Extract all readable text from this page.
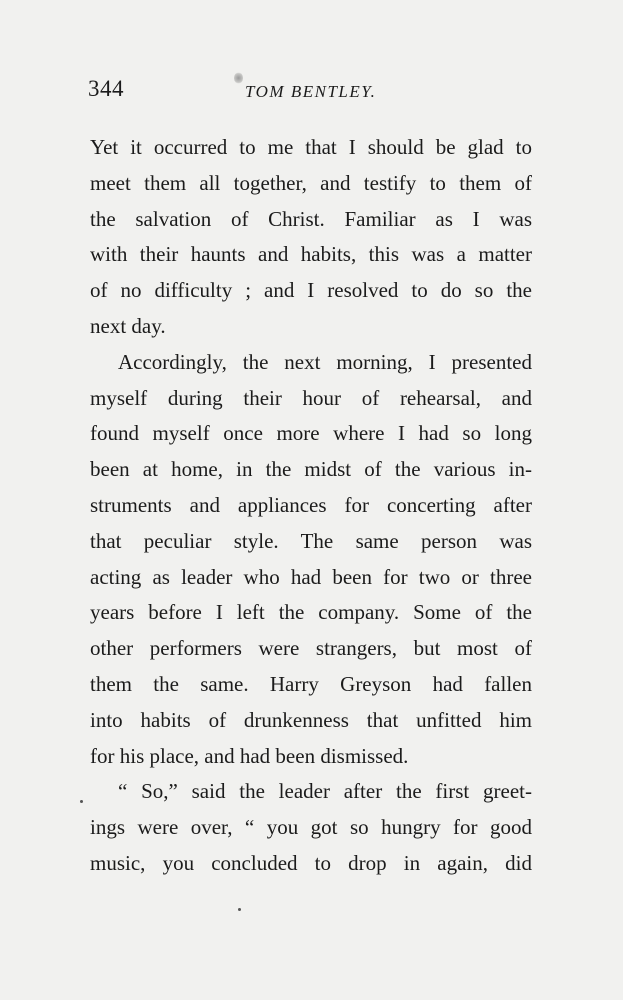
344	TOM BENTLEY.
Yet it occurred to me that I should be glad to
meet them all together, and testify to them of
the salvation of Christ. Familiar as I was
with their haunts and habits, this was a matter
of no difficulty ; and I resolved to do so the
next day.
Accordingly, the next morning, I presented
myself during their hour of rehearsal, and
found myself once more where I had so long
been at home, in the midst of the various in-
struments and appliances for concerting after
that peculiar style. The same person was
acting as leader who had been for two or three
years before I left the company. Some of the
other performers were strangers, but most of
them the same. Harry Greyson had fallen
into habits of drunkenness that unfitted him
for his place, and had been dismissed.
“ So,” said the leader after the first greet-
ings were over, “ you got so hungry for good
music, you concluded to drop in again, did
